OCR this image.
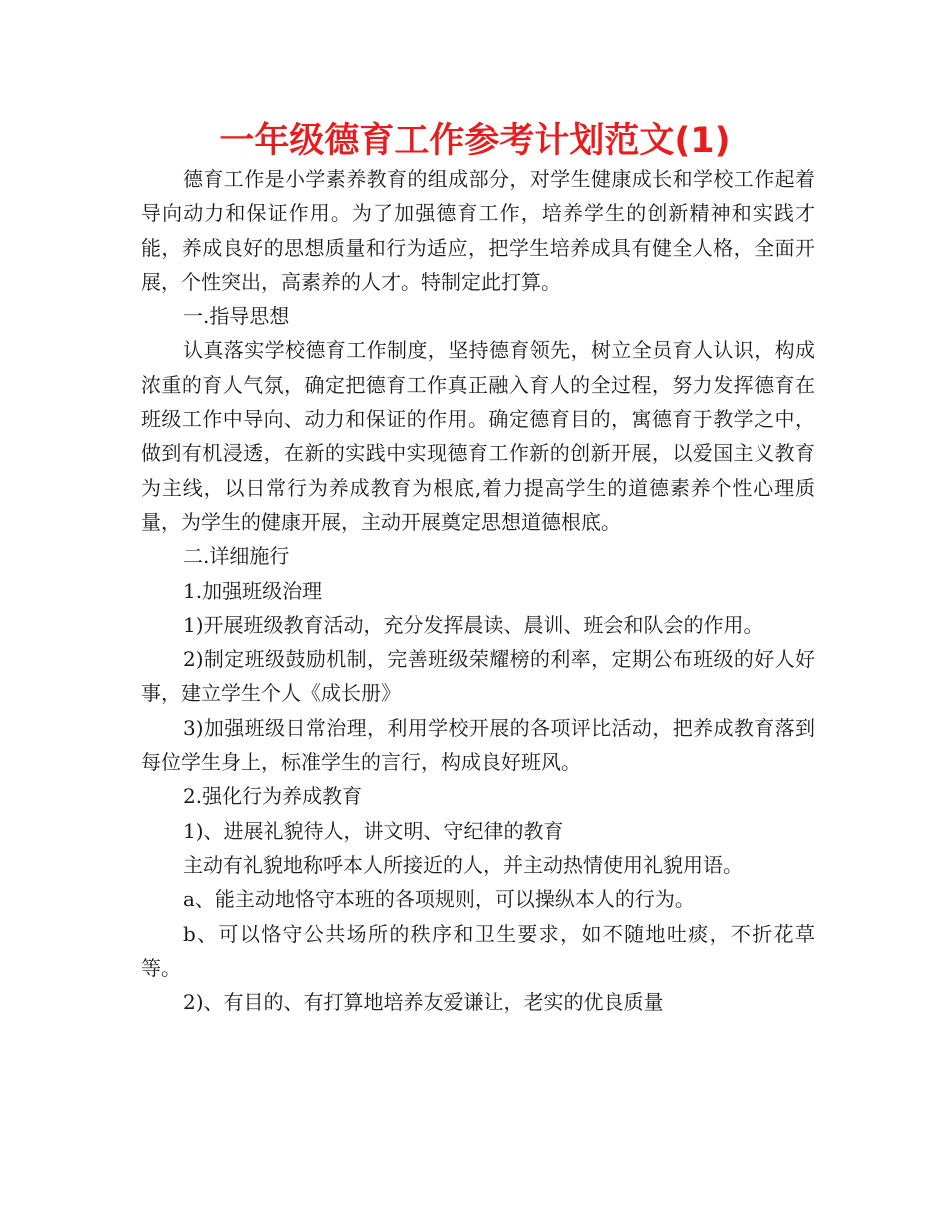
一年级德育工作参考计划范文(1)

德育工作是小学素养教育的组成部分，对学生健康成长和学校工作起着导向动力和保证作用。为了加强德育工作，培养学生的创新精神和实践才能，养成良好的思想质量和行为适应，把学生培养成具有健全人格，全面开展，个性突出，高素养的人才。特制定此打算。

一.指导思想

认真落实学校德育工作制度，坚持德育领先，树立全员育人认识，构成浓重的育人气氛，确定把德育工作真正融入育人的全过程，努力发挥德育在班级工作中导向、动力和保证的作用。确定德育目的，寓德育于教学之中，做到有机浸透，在新的实践中实现德育工作新的创新开展，以爱国主义教育为主线，以日常行为养成教育为根底,着力提高学生的道德素养个性心理质量，为学生的健康开展，主动开展奠定思想道德根底。

二.详细施行

1.加强班级治理

1)开展班级教育活动，充分发挥晨读、晨训、班会和队会的作用。

2)制定班级鼓励机制，完善班级荣耀榜的利率，定期公布班级的好人好事，建立学生个人《成长册》

3)加强班级日常治理，利用学校开展的各项评比活动，把养成教育落到每位学生身上，标准学生的言行，构成良好班风。

2.强化行为养成教育

1)、进展礼貌待人，讲文明、守纪律的教育

主动有礼貌地称呼本人所接近的人，并主动热情使用礼貌用语。

a、能主动地恪守本班的各项规则，可以操纵本人的行为。

b、可以恪守公共场所的秩序和卫生要求，如不随地吐痰，不折花草等。

2)、有目的、有打算地培养友爱谦让，老实的优良质量
